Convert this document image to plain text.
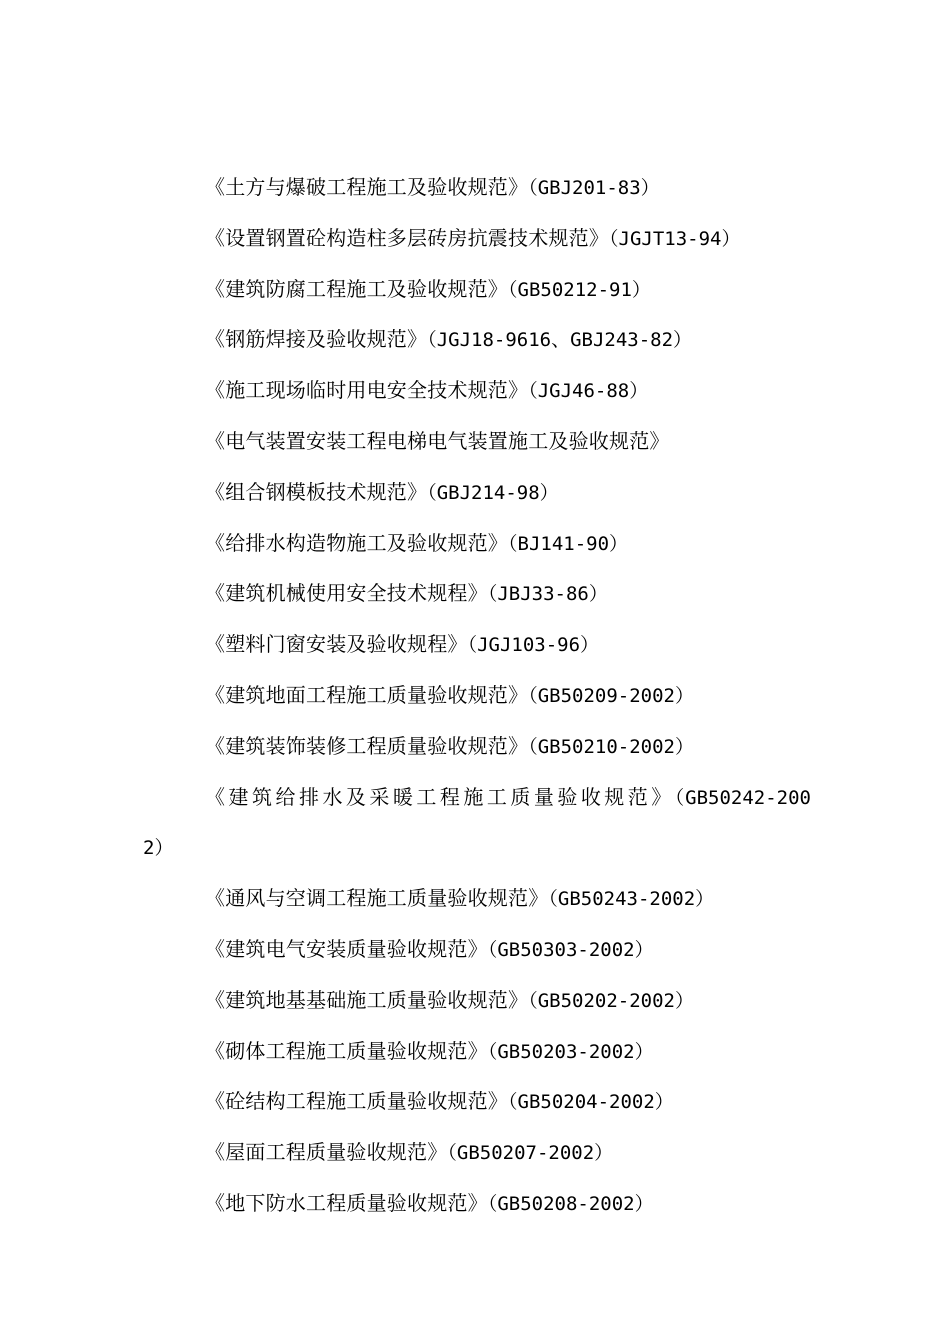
《土方与爆破工程施工及验收规范》（GBJ201-83）
《设置钢置砼构造柱多层砖房抗震技术规范》（JGJT13-94）
《建筑防腐工程施工及验收规范》（GB50212-91）
《钢筋焊接及验收规范》（JGJ18-9616、GBJ243-82）
《施工现场临时用电安全技术规范》（JGJ46-88）
《电气装置安装工程电梯电气装置施工及验收规范》
《组合钢模板技术规范》（GBJ214-98）
《给排水构造物施工及验收规范》（BJ141-90）
《建筑机械使用安全技术规程》（JBJ33-86）
《塑料门窗安装及验收规程》（JGJ103-96）
《建筑地面工程施工质量验收规范》（GB50209-2002）
《建筑装饰装修工程质量验收规范》（GB50210-2002）
《建筑给排水及采暖工程施工质量验收规范》（GB50242-2002）
《通风与空调工程施工质量验收规范》（GB50243-2002）
《建筑电气安装质量验收规范》（GB50303-2002）
《建筑地基基础施工质量验收规范》（GB50202-2002）
《砌体工程施工质量验收规范》（GB50203-2002）
《砼结构工程施工质量验收规范》（GB50204-2002）
《屋面工程质量验收规范》（GB50207-2002）
《地下防水工程质量验收规范》（GB50208-2002）
